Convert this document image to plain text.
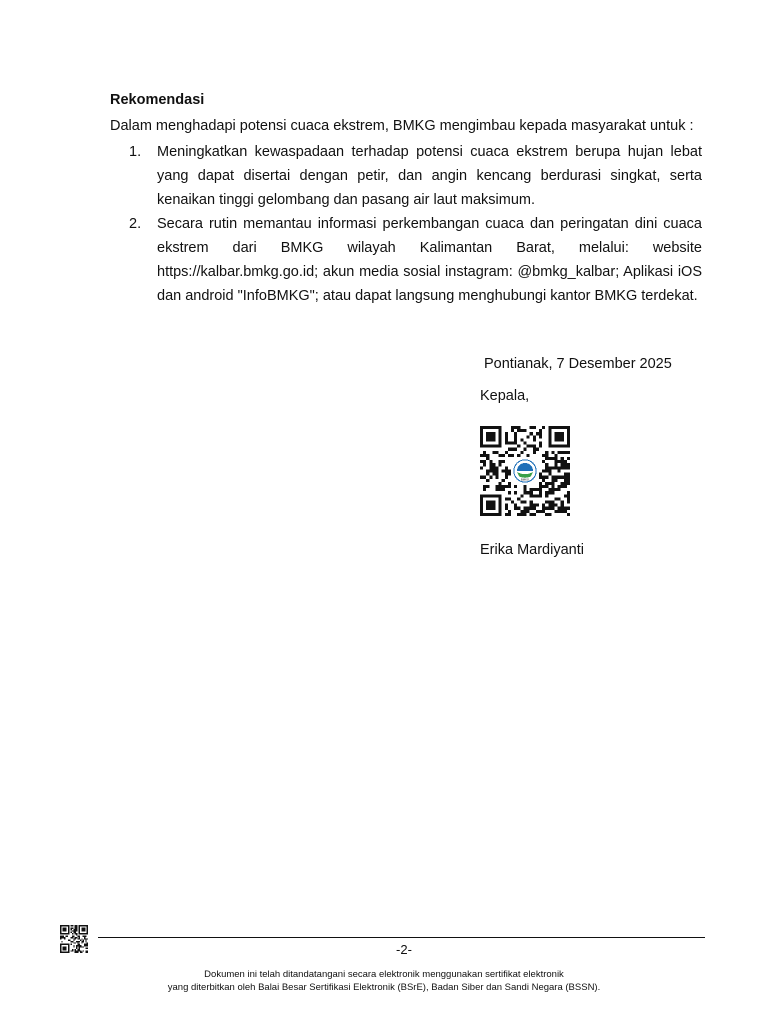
Rekomendasi

Dalam menghadapi potensi cuaca ekstrem, BMKG mengimbau kepada masyarakat untuk :

1.	Meningkatkan kewaspadaan terhadap potensi cuaca ekstrem berupa hujan lebat yang dapat disertai dengan petir, dan angin kencang berdurasi singkat, serta kenaikan tinggi gelombang dan pasang air laut maksimum.
2.	Secara rutin memantau informasi perkembangan cuaca dan peringatan dini cuaca ekstrem dari BMKG wilayah Kalimantan Barat, melalui: website https://kalbar.bmkg.go.id; akun media sosial instagram: @bmkg_kalbar; Aplikasi iOS dan android "InfoBMKG"; atau dapat langsung menghubungi kantor BMKG terdekat.

Pontianak, 7 Desember 2025

Kepala,

Erika Mardiyanti

-2-

Dokumen ini telah ditandatangani secara elektronik menggunakan sertifikat elektronik

yang diterbitkan oleh Balai Besar Sertifikasi Elektronik (BSrE), Badan Siber dan Sandi Negara (BSSN).
